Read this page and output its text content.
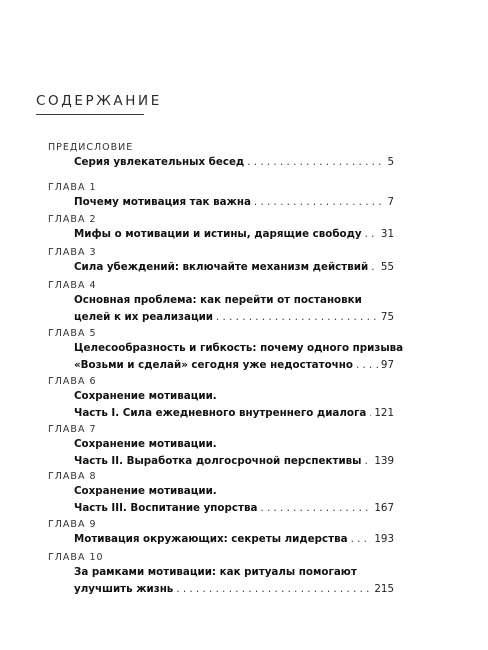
СОДЕРЖАНИЕ
ПРЕДИСЛОВИЕ
Серия увлекательных бесед . . .	5
ГЛАВА 1
Почему мотивация так важна . . .	7
ГЛАВА 2
Мифы о мотивации и истины, дарящие свободу . . . 31
ГЛАВА 3
Сила убеждений: включайте механизм действий . . . 55
ГЛАВА 4
Основная проблема: как перейти от постановки
целей к их реализации . . .	75
ГЛАВА 5
Целесообразность и гибкость: почему одного призыва
«Возьми и сделай» сегодня уже недостаточно . . .	97
ГЛАВА 6
Сохранение мотивации.
Часть I. Сила ежедневного внутреннего диалога . . . 121
ГЛАВА 7
Сохранение мотивации.
Часть II. Выработка долгосрочной перспективы . . . 139
ГЛАВА 8
Сохранение мотивации.
Часть III. Воспитание упорства . . .	167
ГЛАВА 9
Мотивация окружающих: секреты лидерства . . .	193
ГЛАВА 10
За рамками мотивации: как ритуалы помогают
улучшить жизнь . . .	215
